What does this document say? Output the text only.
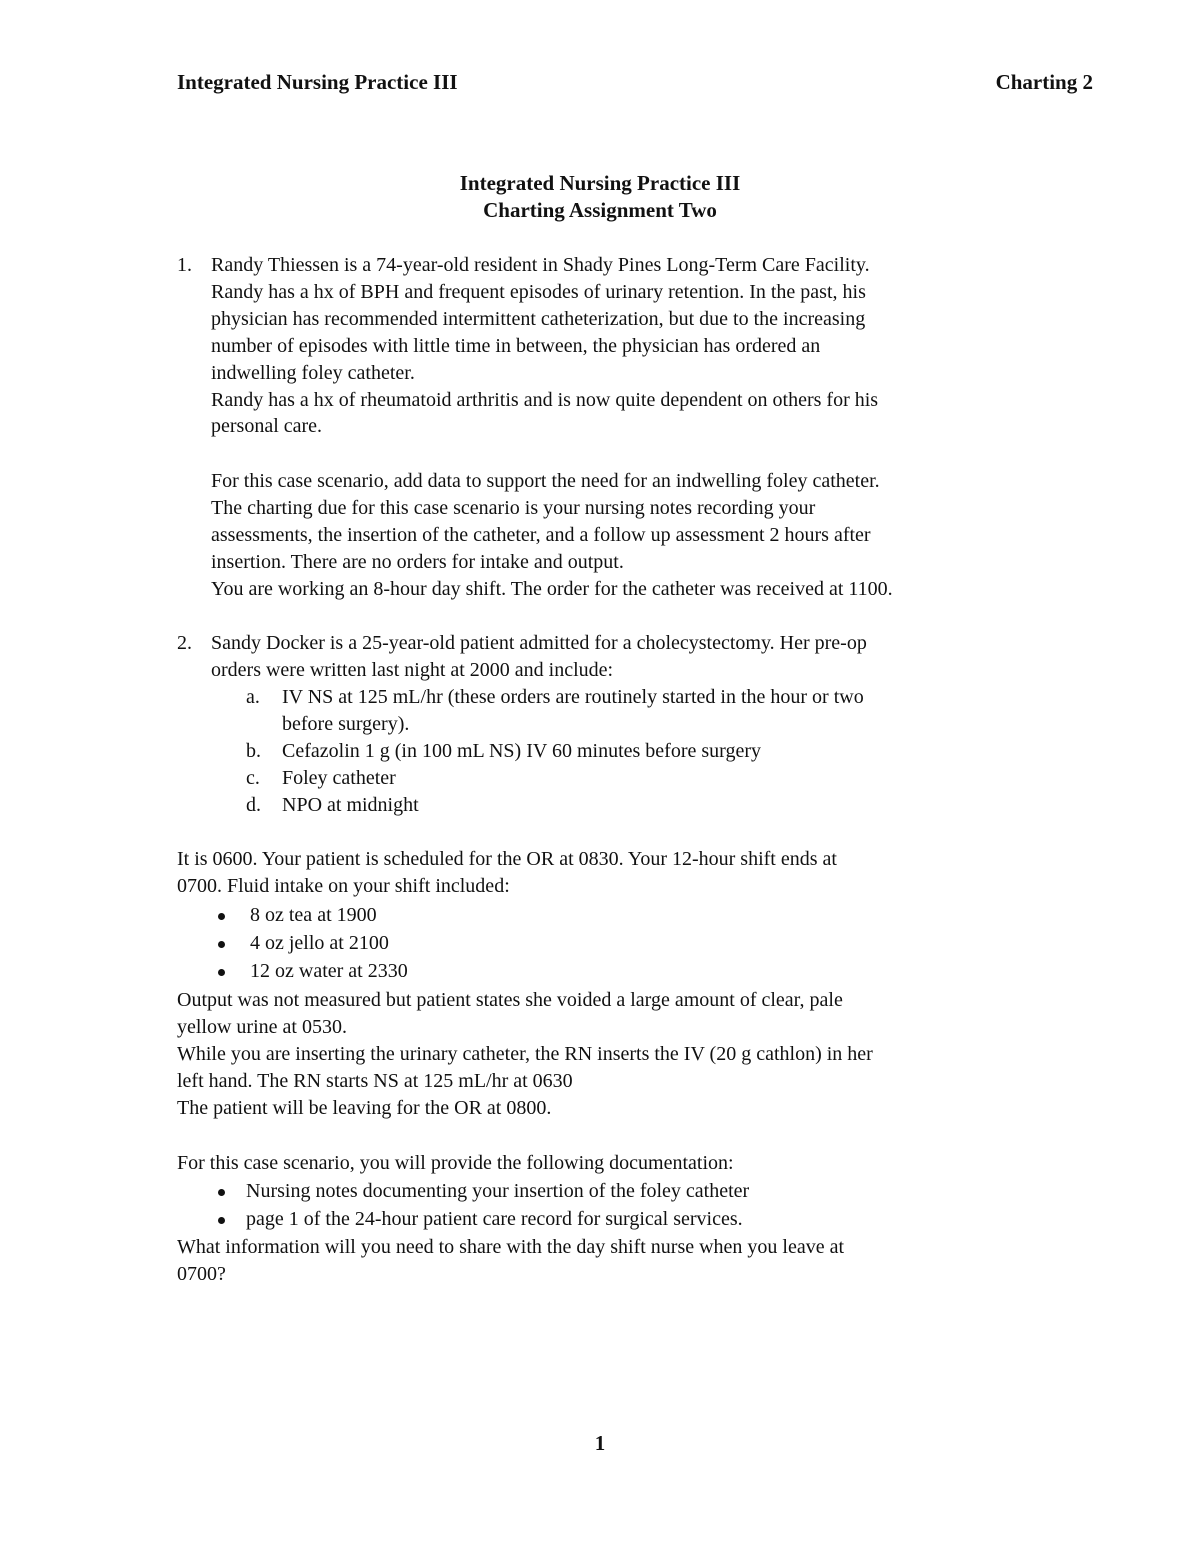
Integrated Nursing Practice III	Charting 2
Integrated Nursing Practice III
Charting Assignment Two
1. Randy Thiessen is a 74-year-old resident in Shady Pines Long-Term Care Facility.
Randy has a hx of BPH and frequent episodes of urinary retention. In the past, his
physician has recommended intermittent catheterization, but due to the increasing
number of episodes with little time in between, the physician has ordered an
indwelling foley catheter.
Randy has a hx of rheumatoid arthritis and is now quite dependent on others for his
personal care.
For this case scenario, add data to support the need for an indwelling foley catheter.
The charting due for this case scenario is your nursing notes recording your
assessments, the insertion of the catheter, and a follow up assessment 2 hours after
insertion. There are no orders for intake and output.
You are working an 8-hour day shift. The order for the catheter was received at 1100.
2. Sandy Docker is a 25-year-old patient admitted for a cholecystectomy. Her pre-op
orders were written last night at 2000 and include:
a. IV NS at 125 mL/hr (these orders are routinely started in the hour or two
before surgery).
b. Cefazolin 1 g (in 100 mL NS) IV 60 minutes before surgery
c. Foley catheter
d. NPO at midnight
It is 0600. Your patient is scheduled for the OR at 0830. Your 12-hour shift ends at
0700. Fluid intake on your shift included:
8 oz tea at 1900
4 oz jello at 2100
12 oz water at 2330
Output was not measured but patient states she voided a large amount of clear, pale
yellow urine at 0530.
While you are inserting the urinary catheter, the RN inserts the IV (20 g cathlon) in her
left hand. The RN starts NS at 125 mL/hr at 0630
The patient will be leaving for the OR at 0800.
For this case scenario, you will provide the following documentation:
Nursing notes documenting your insertion of the foley catheter
page 1 of the 24-hour patient care record for surgical services.
What information will you need to share with the day shift nurse when you leave at
0700?
1
